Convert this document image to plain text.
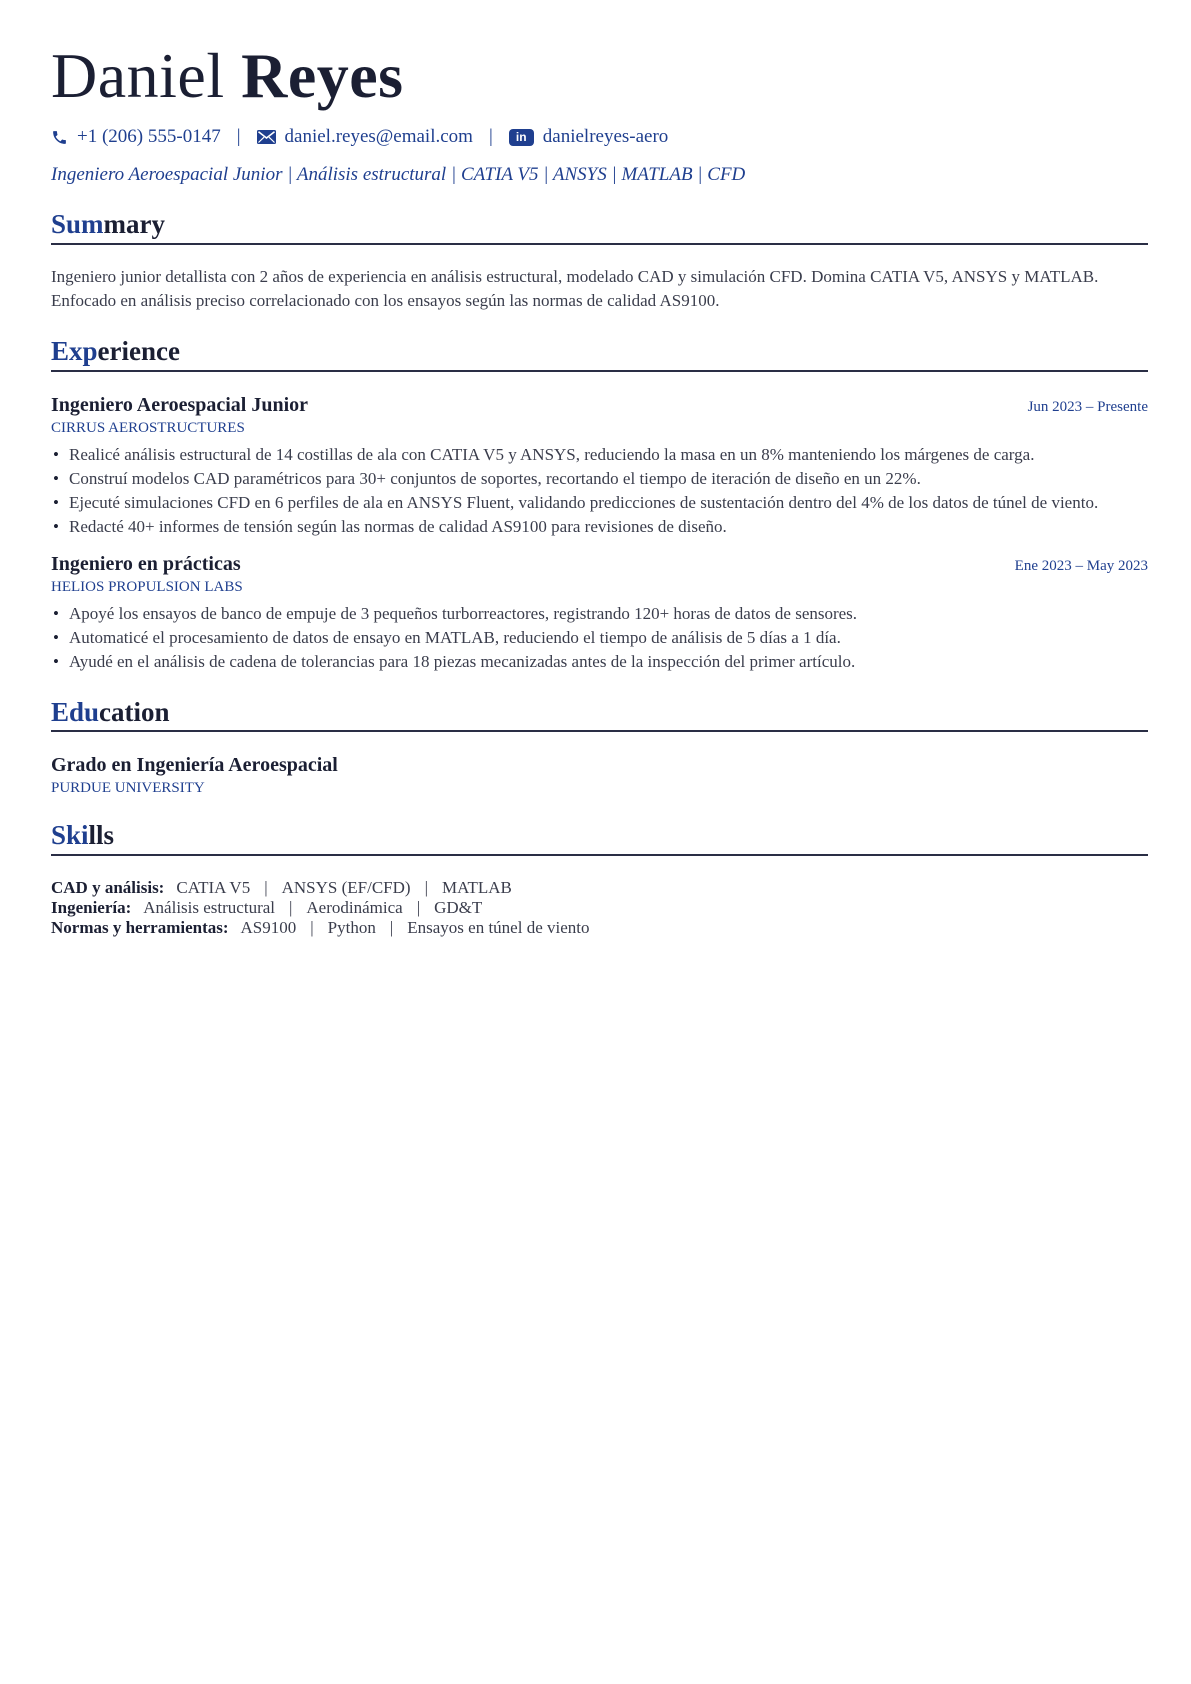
Daniel Reyes
+1 (206) 555-0147 | daniel.reyes@email.com |	in danielreyes-aero
Ingeniero Aeroespacial Junior | Análisis estructural | CATIA V5 | ANSYS | MATLAB | CFD
Summary
Ingeniero junior detallista con 2 años de experiencia en análisis estructural, modelado CAD y simulación CFD. Domina CATIA V5, ANSYS y MATLAB. Enfocado en análisis preciso correlacionado con los ensayos según las normas de calidad AS9100.
Experience
Ingeniero Aeroespacial Junior	Jun 2023 – Presente
CIRRUS AEROSTRUCTURES
• Realicé análisis estructural de 14 costillas de ala con CATIA V5 y ANSYS, reduciendo la masa en un 8% manteniendo los márgenes de carga.
• Construí modelos CAD paramétricos para 30+ conjuntos de soportes, recortando el tiempo de iteración de diseño en un 22%.
• Ejecuté simulaciones CFD en 6 perfiles de ala en ANSYS Fluent, validando predicciones de sustentación dentro del 4% de los datos de túnel de viento.
• Redacté 40+ informes de tensión según las normas de calidad AS9100 para revisiones de diseño.
Ingeniero en prácticas	Ene 2023 – May 2023
HELIOS PROPULSION LABS
• Apoyé los ensayos de banco de empuje de 3 pequeños turborreactores, registrando 120+ horas de datos de sensores.
• Automaticé el procesamiento de datos de ensayo en MATLAB, reduciendo el tiempo de análisis de 5 días a 1 día.
• Ayudé en el análisis de cadena de tolerancias para 18 piezas mecanizadas antes de la inspección del primer artículo.
Education
Grado en Ingeniería Aeroespacial
PURDUE UNIVERSITY
Skills
CAD y análisis: CATIA V5 | ANSYS (EF/CFD) | MATLAB
Ingeniería: Análisis estructural | Aerodinámica | GD&T
Normas y herramientas: AS9100 | Python | Ensayos en túnel de viento
